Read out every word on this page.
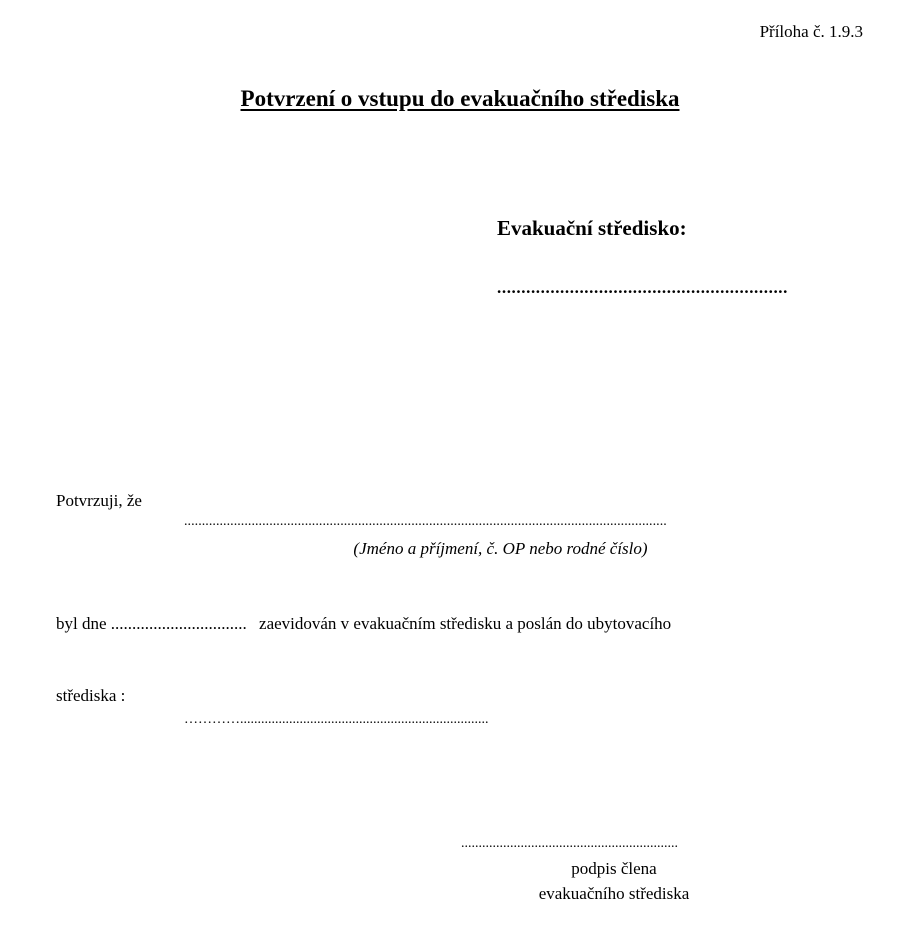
Příloha č. 1.9.3
Potvrzení o vstupu do evakuačního střediska
Evakuační středisko:
............................................................
Potvrzuji, že
........................................................................................................................................
(Jméno a příjmení, č. OP nebo rodné číslo)
byl dne ................................ zaevidován v evakuačním středisku a poslán do ubytovacího
střediska :
………….......................................................................
..............................................................
podpis člena
evakuačního střediska
